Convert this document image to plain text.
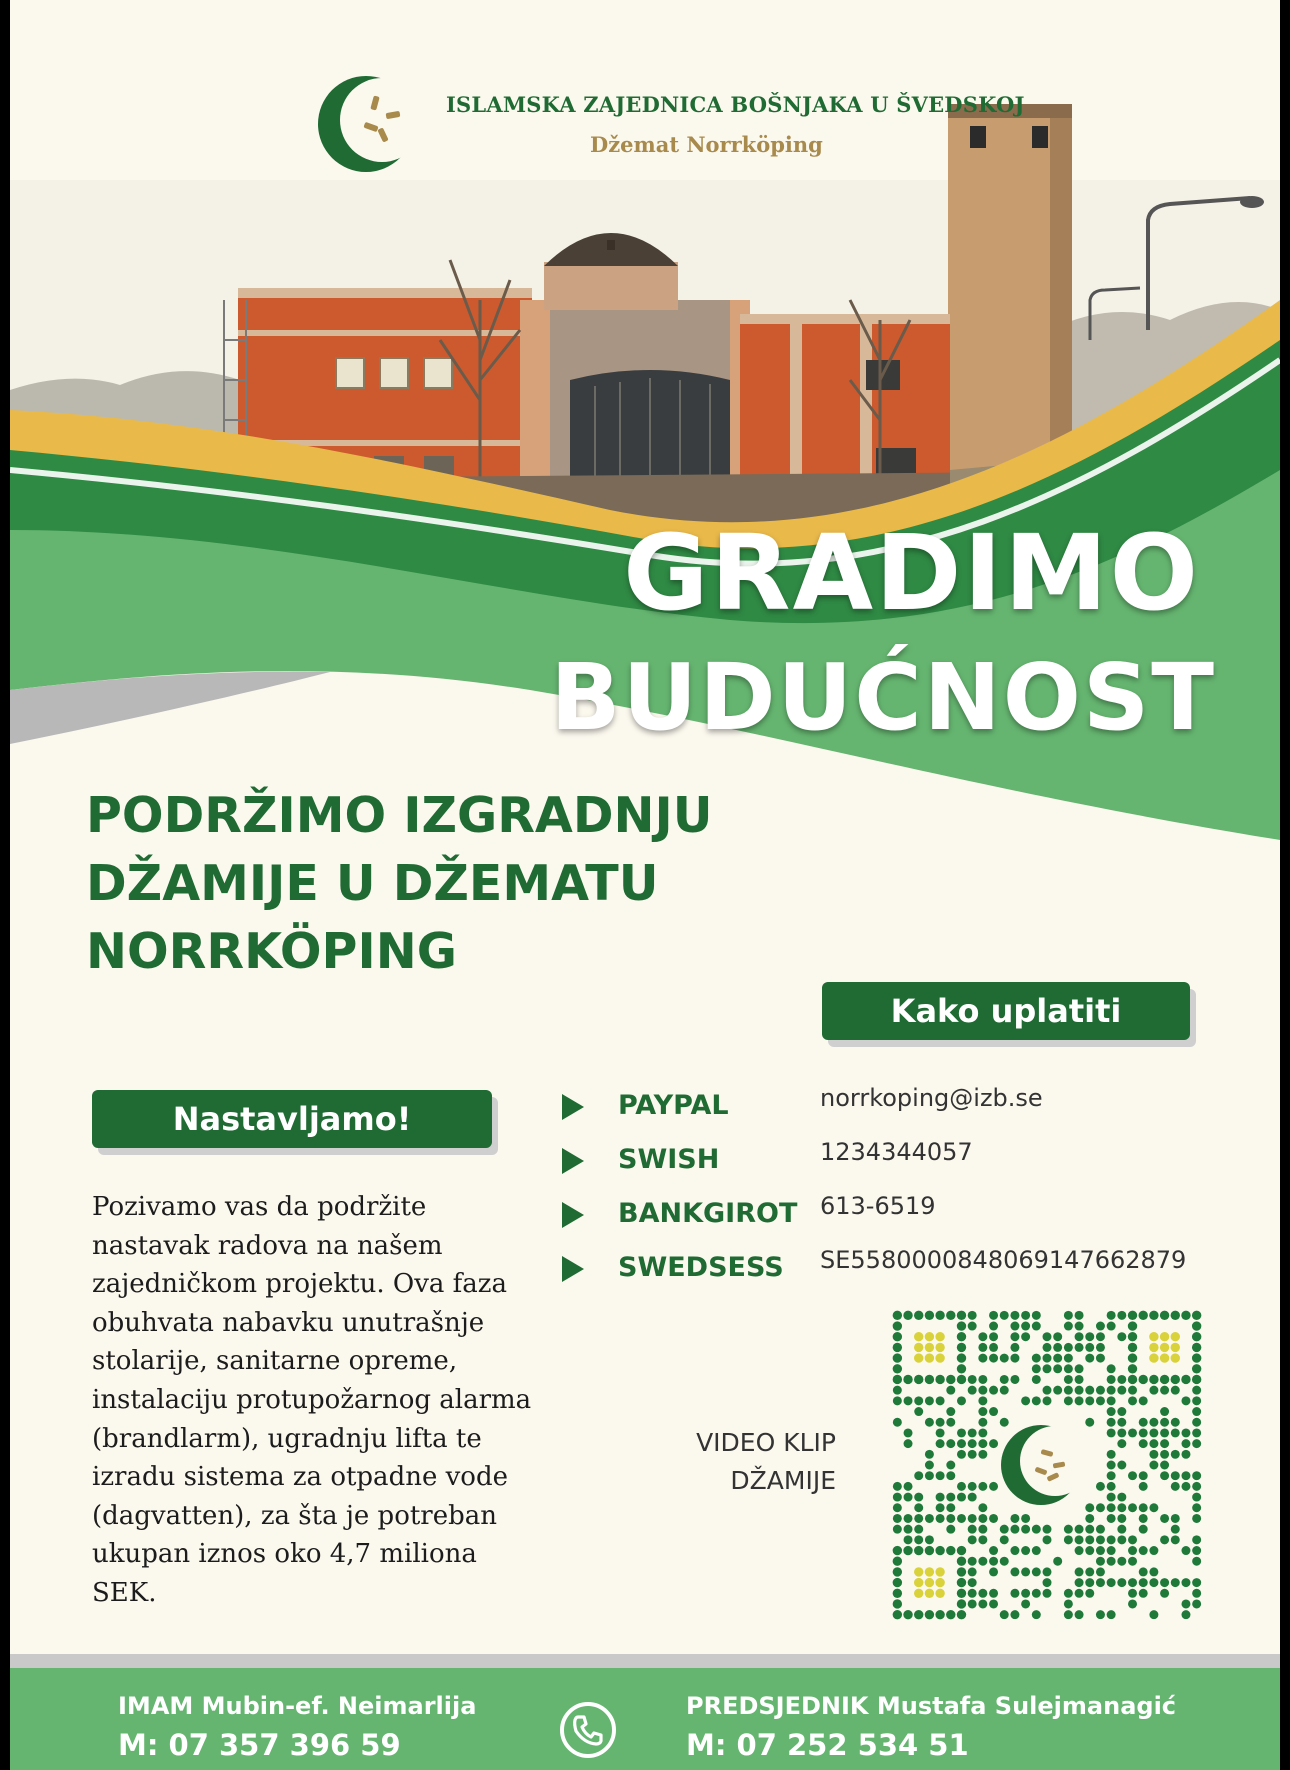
ISLAMSKA ZAJEDNICA BOŠNJAKA U ŠVEDSKOJ
Džemat Norrköping
GRADIMO
BUDUĆNOST
PODRŽIMO IZGRADNJU DŽAMIJE U DŽEMATU NORRKÖPING
Kako uplatiti
Nastavljamo!
Pozivamo vas da podržite nastavak radova na našem zajedničkom projektu. Ova faza obuhvata nabavku unutrašnje stolarije, sanitarne opreme, instalaciju protupožarnog alarma (brandlarm), ugradnju lifta te izradu sistema za otpadne vode (dagvatten), za šta je potreban ukupan iznos oko 4,7 miliona SEK.
PAYPAL	norrkoping@izb.se
SWISH	1234344057
BANKGIROT 613-6519
SWEDSESS SE5580000848069147662879
VIDEO KLIP
DŽAMIJE
IMAM Mubin-ef. Neimarlija
M: 07 357 396 59
PREDSJEDNIK Mustafa Sulejmanagić
M: 07 252 534 51
